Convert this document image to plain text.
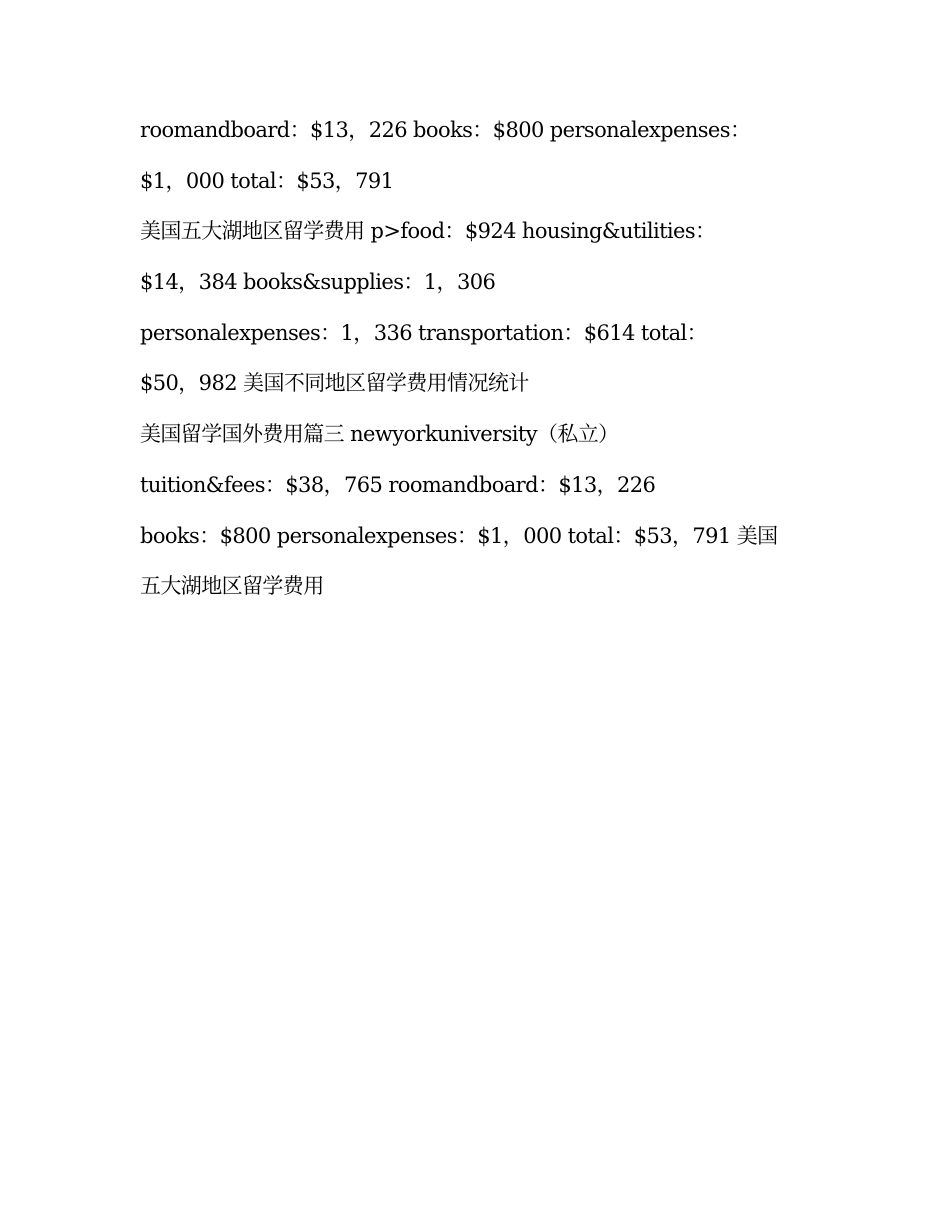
roomandboard：$13，226 books：$800 personalexpenses：
$1，000 total：$53，791
美国五大湖地区留学费用 p>food：$924 housing&utilities：
$14，384 books&supplies：1，306
personalexpenses：1，336 transportation：$614 total：
$50，982 美国不同地区留学费用情况统计
美国留学国外费用篇三 newyorkuniversity（私立）
tuition&fees：$38，765 roomandboard：$13，226
books：$800 personalexpenses：$1，000 total：$53，791 美国
五大湖地区留学费用
